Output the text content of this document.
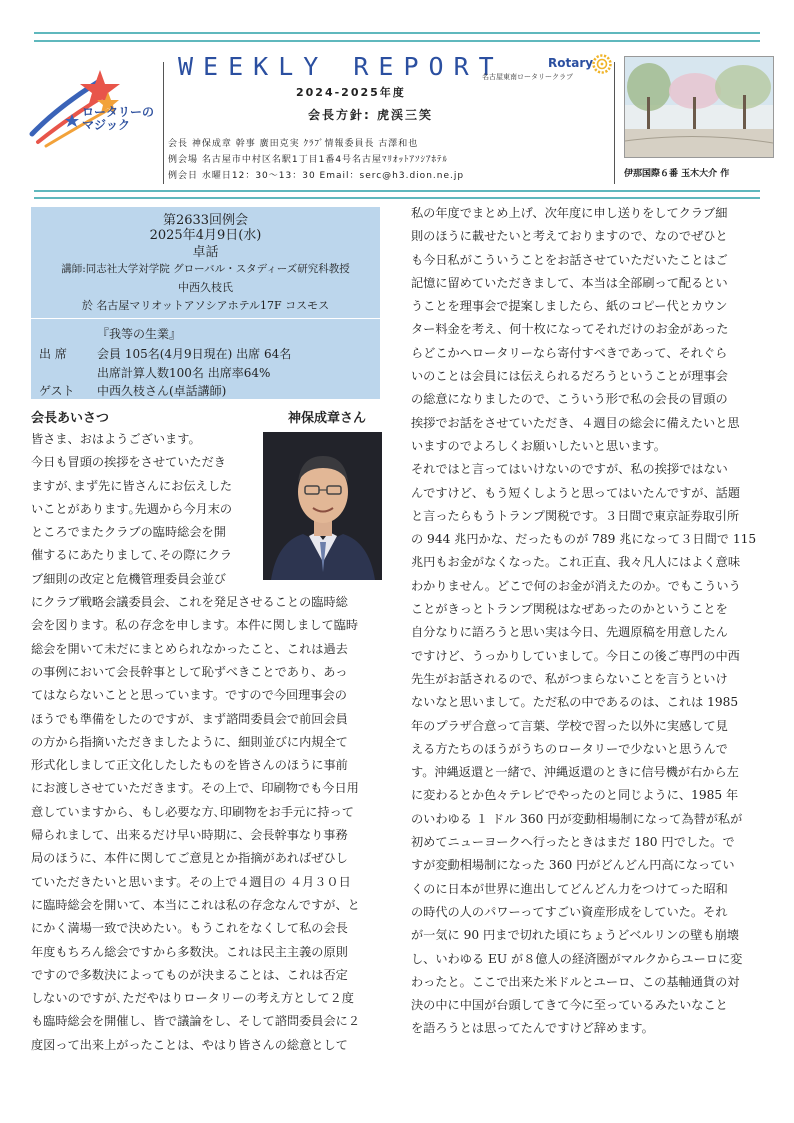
ロータリーの
マジック
WEEKLY REPORT	Rotary
名古屋東南ロータリークラブ
2024-2025年度
会長方針: 虎渓三笑
会長 神保成章 幹事 廣田克実 ｸﾗﾌﾞ情報委員長 古澤和也
例会場 名古屋市中村区名駅1丁目1番4号名古屋ﾏﾘｵｯﾄｱｿｼｱﾎﾃﾙ
例会日 水曜日12：30～13：30 Email：serc@h3.dion.ne.jp	伊那国際６番 玉木大介 作
第2633回例会
2025年4月9日(水)
卓話
講師:同志社大学対学院 グローバル・スタディーズ研究科教授
中西久枝氏
於 名古屋マリオットアソシアホテル17F コスモス
『我等の生業』
出 席	会員 105名(4月9日現在) 出席 64名
出席計算人数100名 出席率64%
ゲスト 中西久枝さん(卓話講師)
会長あいさつ	神保成章さん
皆さま、おはようございます。
今日も冒頭の挨拶をさせていただき
ますが､まず先に皆さんにお伝えした
いことがあります｡先週から今月末の
ところでまたクラブの臨時総会を開
催するにあたりまして､その際にクラ
ブ細則の改定と危機管理委員会並び
にクラブ戦略会議委員会、これを発足させることの臨時総
会を図ります。私の存念を申します。本件に関しまして臨時
総会を開いて未だにまとめられなかったこと、これは過去
の事例において会長幹事として恥ずべきことであり、あっ
てはならないことと思っています。ですので今回理事会の
ほうでも準備をしたのですが、まず諮問委員会で前回会員
の方から指摘いただきましたように、細則並びに内規全て
形式化しまして正文化したしたものを皆さんのほうに事前
にお渡しさせていただきます。その上で、印刷物でも今日用
意していますから、もし必要な方､印刷物をお手元に持って
帰られまして、出来るだけ早い時期に、会長幹事なり事務
局のほうに、本件に関してご意見とか指摘があればぜひし
ていただきたいと思います。その上で４週目の ４月３０日
に臨時総会を開いて、本当にこれは私の存念なんですが、と
にかく満場一致で決めたい。もうこれをなくして私の会長
年度もちろん総会ですから多数決。これは民主主義の原則
ですので多数決によってものが決まることは、これは否定
しないのですが､ただやはりロータリーの考え方として２度
も臨時総会を開催し、皆で議論をし、そして諮問委員会に２
度図って出来上がったことは、やはり皆さんの総意として
私の年度でまとめ上げ、次年度に申し送りをしてクラブ細
則のほうに載せたいと考えておりますので、なのでぜひと
も今日私がこういうことをお話させていただいたことはご
記憶に留めていただきまして、本当は全部刷って配るとい
うことを理事会で提案しましたら、紙のコピー代とカウン
ター料金を考え、何十枚になってそれだけのお金があった
らどこかへロータリーなら寄付すべきであって、それぐら
いのことは会員には伝えられるだろうということが理事会
の総意になりましたので、こういう形で私の会長の冒頭の
挨拶でお話をさせていただき、４週目の総会に備えたいと思
いますのでよろしくお願いしたいと思います。
それではと言ってはいけないのですが、私の挨拶ではない
んですけど、もう短くしようと思ってはいたんですが、話題
と言ったらもうトランプ関税です。３日間で東京証券取引所
の 944 兆円かな、だったものが 789 兆になって３日間で 115
兆円もお金がなくなった。これ正直、我々凡人にはよく意味
わかりません。どこで何のお金が消えたのか。でもこういう
ことがきっとトランプ関税はなぜあったのかということを
自分なりに語ろうと思い実は今日、先週原稿を用意したん
ですけど、うっかりしていまして。今日この後ご専門の中西
先生がお話されるので、私がつまらないことを言うといけ
ないなと思いまして。ただ私の中であるのは、これは 1985
年のプラザ合意って言葉、学校で習った以外に実感して見
える方たちのほうがうちのロータリーで少ないと思うんで
す。沖縄返還と一緒で、沖縄返還のときに信号機が右から左
に変わるとか色々テレビでやったのと同じように、1985 年
のいわゆる １ ドル 360 円が変動相場制になって為替が私が
初めてニューヨークへ行ったときはまだ 180 円でした。で
すが変動相場制になった 360 円がどんどん円高になってい
くのに日本が世界に進出してどんどん力をつけてった昭和
の時代の人のパワーってすごい資産形成をしていた。それ
が一気に 90 円まで切れた頃にちょうどベルリンの壁も崩壊
し、いわゆる EU が８億人の経済圏がマルクからユーロに変
わったと。ここで出来た米ドルとユーロ、この基軸通貨の対
決の中に中国が台頭してきて今に至っているみたいなこと
を語ろうとは思ってたんですけど辞めます。
